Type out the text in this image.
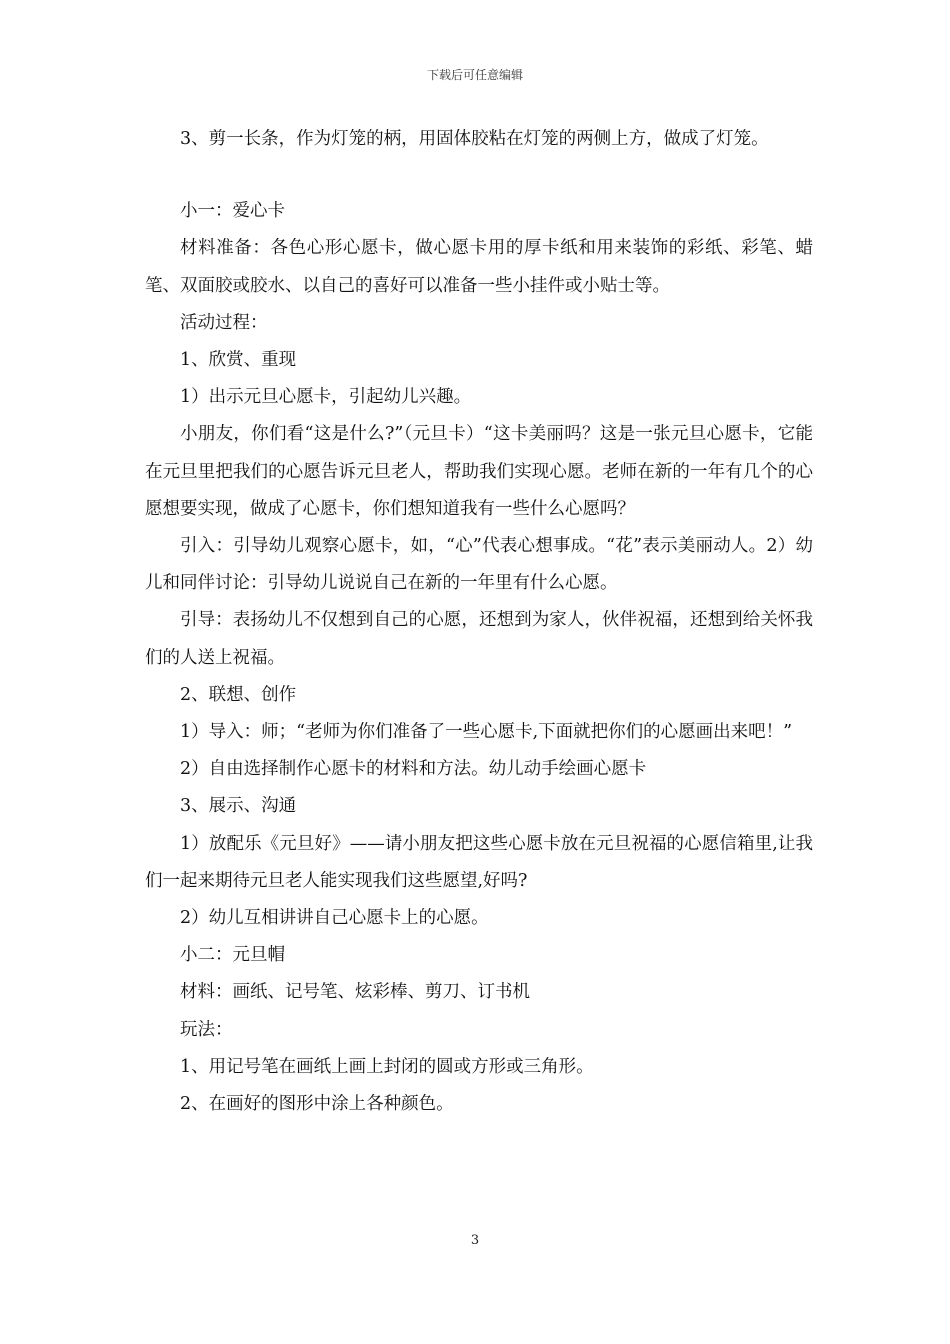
下载后可任意编辑

3、剪一长条，作为灯笼的柄，用固体胶粘在灯笼的两侧上方，做成了灯笼。

小一：爱心卡

材料准备：各色心形心愿卡，做心愿卡用的厚卡纸和用来装饰的彩纸、彩笔、蜡笔、双面胶或胶水、以自己的喜好可以准备一些小挂件或小贴士等。

活动过程：

1、欣赏、重现

1）出示元旦心愿卡，引起幼儿兴趣。

小朋友，你们看“这是什么?”（元旦卡）“这卡美丽吗？这是一张元旦心愿卡，它能在元旦里把我们的心愿告诉元旦老人，帮助我们实现心愿。老师在新的一年有几个的心愿想要实现，做成了心愿卡，你们想知道我有一些什么心愿吗？

引入：引导幼儿观察心愿卡，如，“心”代表心想事成。“花”表示美丽动人。2）幼儿和同伴讨论：引导幼儿说说自己在新的一年里有什么心愿。

引导：表扬幼儿不仅想到自己的心愿，还想到为家人，伙伴祝福，还想到给关怀我们的人送上祝福。

2、联想、创作

1）导入：师；“老师为你们准备了一些心愿卡,下面就把你们的心愿画出来吧！”

2）自由选择制作心愿卡的材料和方法。幼儿动手绘画心愿卡

3、展示、沟通

1）放配乐《元旦好》——请小朋友把这些心愿卡放在元旦祝福的心愿信箱里,让我们一起来期待元旦老人能实现我们这些愿望,好吗?

2）幼儿互相讲讲自己心愿卡上的心愿。

小二：元旦帽

材料：画纸、记号笔、炫彩棒、剪刀、订书机

玩法：

1、用记号笔在画纸上画上封闭的圆或方形或三角形。

2、在画好的图形中涂上各种颜色。

3
